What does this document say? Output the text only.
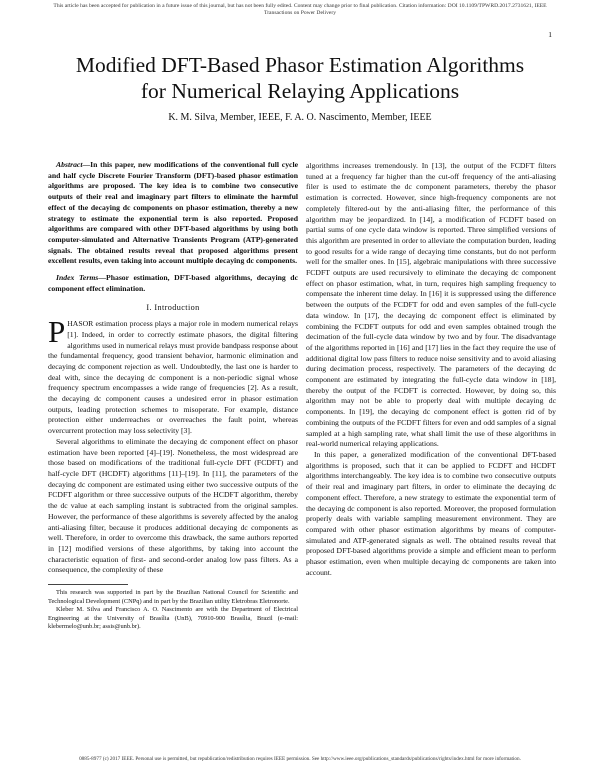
This article has been accepted for publication in a future issue of this journal, but has not been fully edited. Content may change prior to final publication. Citation information: DOI 10.1109/TPWRD.2017.2731621, IEEE
Transactions on Power Delivery
1
Modified DFT-Based Phasor Estimation Algorithms
for Numerical Relaying Applications
K. M. Silva, Member, IEEE, F. A. O. Nascimento, Member, IEEE

Abstract—In this paper, new modifications of the conventional full cycle and half cycle Discrete Fourier Transform (DFT)-based phasor estimation algorithms are proposed. The key idea is to combine two consecutive outputs of their real and imaginary part filters to eliminate the harmful effect of the decaying dc components on phasor estimation, thereby a new strategy to estimate the exponential term is also reported. Proposed algorithms are compared with other DFT-based algorithms by using both computer-simulated and Alternative Transients Program (ATP)-generated signals. The obtained results reveal that proposed algorithms present excellent results, even taking into account multiple decaying dc components.

Index Terms—Phasor estimation, DFT-based algorithms, decaying dc component effect elimination.

I. Introduction

PHASOR estimation process plays a major role in modern numerical relays [1]. Indeed, in order to correctly estimate phasors, the digital filtering algorithms used in numerical relays must provide bandpass response about the fundamental frequency, good transient behavior, harmonic elimination and decaying dc component rejection as well. Undoubtedly, the last one is harder to deal with, since the decaying dc component is a non-periodic signal whose frequency spectrum encompasses a wide range of frequencies [2]. As a result, the decaying dc component causes a undesired error in phasor estimation outputs, leading protection schemes to misoperate. For example, distance protection either underreaches or overreaches the fault point, whereas overcurrent protection may loss selectivity [3].

Several algorithms to eliminate the decaying dc component effect on phasor estimation have been reported [4]–[19]. Nonetheless, the most widespread are those based on modifications of the traditional full-cycle DFT (FCDFT) and half-cycle DFT (HCDFT) algorithms [11]–[19]. In [11], the parameters of the decaying dc component are estimated using either two successive outputs of the FCDFT algorithm or three successive outputs of the HCDFT algorithm, thereby the dc value at each sampling instant is subtracted from the original samples. However, the performance of these algorithms is severely affected by the analog anti-aliasing filter, because it produces additional decaying dc components as well. Therefore, in order to overcome this drawback, the same authors reported in [12] modified versions of these algorithms, by taking into account the characteristic equation of first- and second-order analog low pass filters. As a consequence, the complexity of these

This research was supported in part by the Brazilian National Council for Scientific and Technological Development (CNPq) and in part by the Brazilian utility Eletrobras Eletronorte.

Kleber M. Silva and Francisco A. O. Nascimento are with the Department of Electrical Engineering at the University of Brasília (UnB), 70910-900 Brasília, Brazil (e-mail: klebermelo@unb.br; assis@unb.br).

algorithms increases tremendously. In [13], the output of the FCDFT filters tuned at a frequency far higher than the cut-off frequency of the anti-aliasing filer is used to estimate the dc component parameters, thereby the phasor estimation is corrected. However, since high-frequency components are not completely filtered-out by the anti-aliasing filter, the performance of this algorithm may be jeopardized. In [14], a modification of FCDFT based on partial sums of one cycle data window is reported. Three simplified versions of this algorithm are presented in order to alleviate the computation burden, leading to good results for a wide range of decaying time constants, but do not perform well for the smaller ones. In [15], algebraic manipulations with three successive FCDFT outputs are used recursively to eliminate the decaying dc component effect on phasor estimation, what, in turn, requires high sampling frequency to compensate the inherent time delay. In [16] it is suppressed using the difference between the outputs of the FCDFT for odd and even samples of the full-cycle data window. In [17], the decaying dc component effect is eliminated by combining the FCDFT outputs for odd and even samples obtained trough the decimation of the full-cycle data window by two and by four. The disadvantage of the algorithms reported in [16] and [17] lies in the fact they require the use of additional digital low pass filters to reduce noise sensitivity and to avoid aliasing during decimation process, respectively. The parameters of the decaying dc component are estimated by integrating the full-cycle data window in [18], thereby the output of the FCDFT is corrected. However, by doing so, this algorithm may not be able to properly deal with multiple decaying dc components. In [19], the decaying dc component effect is gotten rid of by combining the outputs of the FCDFT filters for even and odd samples of a signal sampled at a high sampling rate, what shall limit the use of these algorithms in real-world numerical relaying applications.

In this paper, a generalized modification of the conventional DFT-based algorithms is proposed, such that it can be applied to FCDFT and HCDFT algorithms interchangeably. The key idea is to combine two consecutive outputs of their real and imaginary part filters, in order to eliminate the decaying dc component effect. Therefore, a new strategy to estimate the exponential term of the decaying dc component is also reported. Moreover, the proposed formulation properly deals with variable sampling measurement environment. They are compared with other phasor estimation algorithms by means of computer-simulated and ATP-generated signals as well. The obtained results reveal that proposed DFT-based algorithms provide a simple and efficient mean to perform phasor estimation, even when multiple decaying dc components are taken into account.

0885-8977 (c) 2017 IEEE. Personal use is permitted, but republication/redistribution requires IEEE permission. See http://www.ieee.org/publications_standards/publications/rights/index.html for more information.
